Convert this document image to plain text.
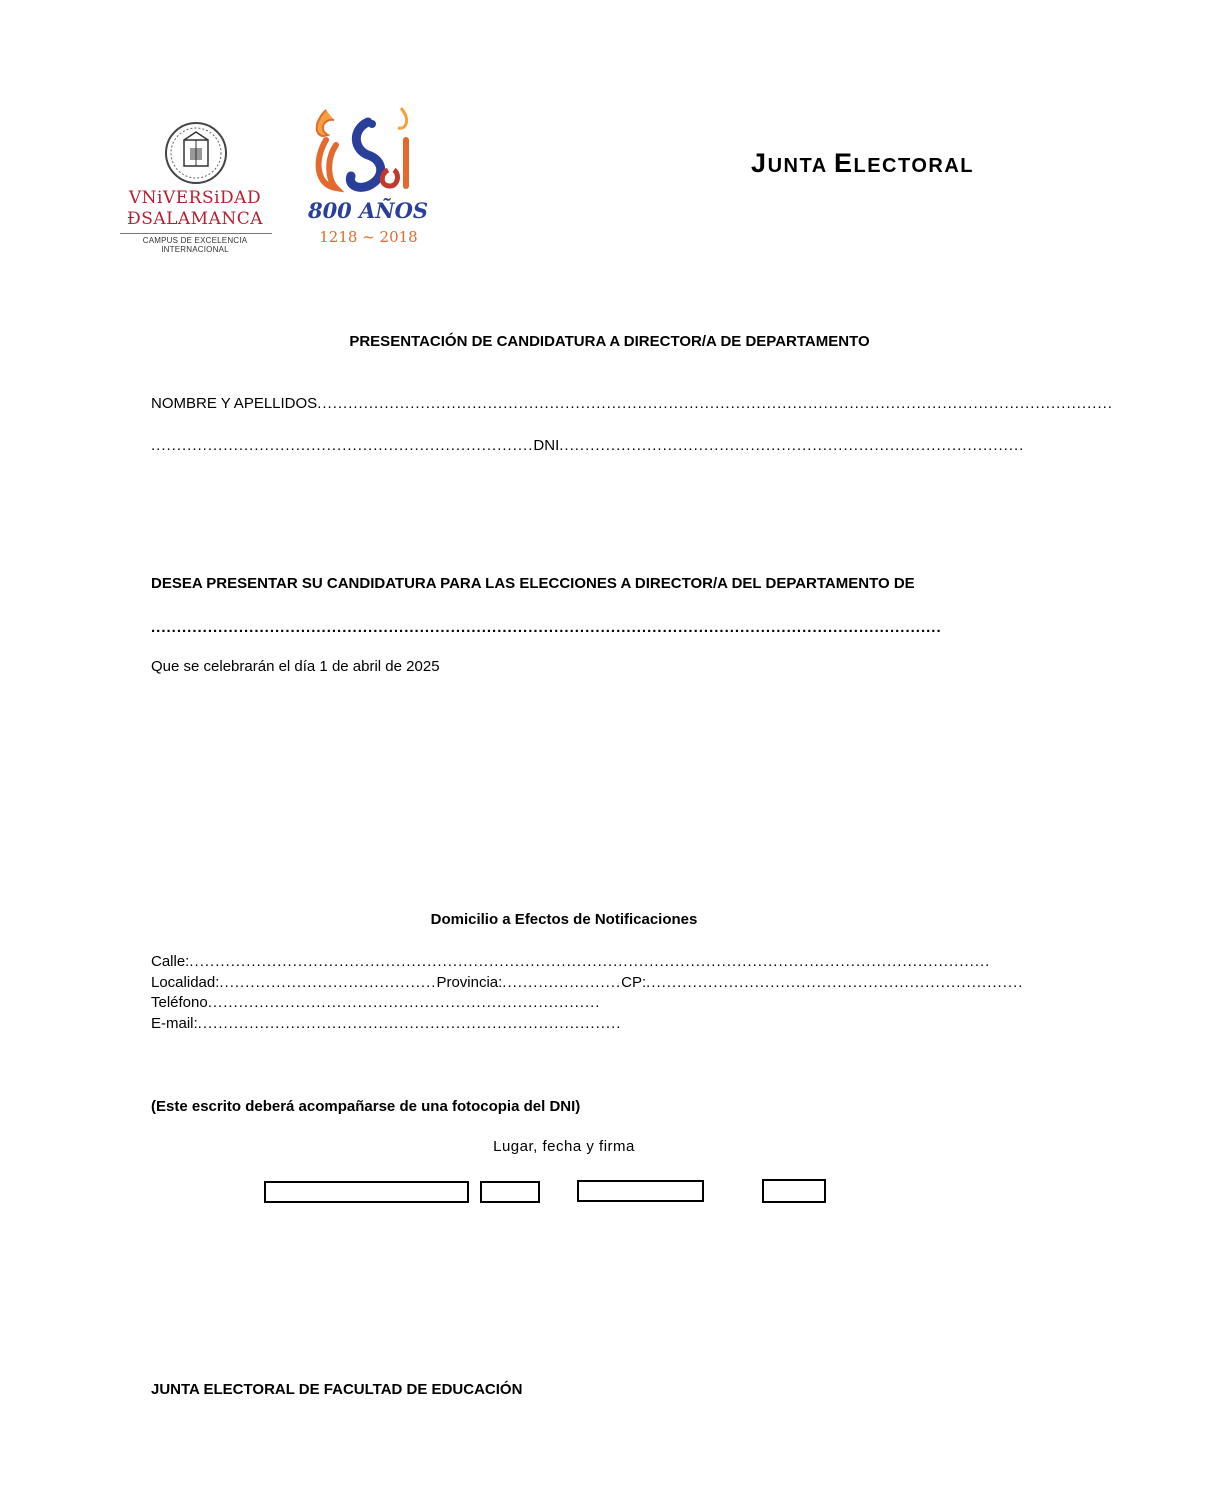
VNiVERSiDAD
ÐSALAMANCA
CAMPUS DE EXCELENCIA INTERNACIONAL
800 AÑOS
1218 ~ 2018
JUNTA ELECTORAL
PRESENTACIÓN DE CANDIDATURA A DIRECTOR/A DE DEPARTAMENTO
NOMBRE Y APELLIDOS..........................................................................................................................................................
..........................................................................DNI..........................................................................................
DESEA PRESENTAR SU CANDIDATURA PARA LAS ELECCIONES A DIRECTOR/A DEL DEPARTAMENTO DE
.........................................................................................................................................................
Que se celebrarán el día 1 de abril de 2025
Domicilio a Efectos de Notificaciones
Calle:...........................................................................................................................................................
Localidad:..........................................Provincia:.......................CP:.........................................................................
Teléfono............................................................................
E-mail:..................................................................................
(Este escrito deberá acompañarse de una fotocopia del DNI)
Lugar, fecha y firma
JUNTA ELECTORAL DE FACULTAD DE EDUCACIÓN
